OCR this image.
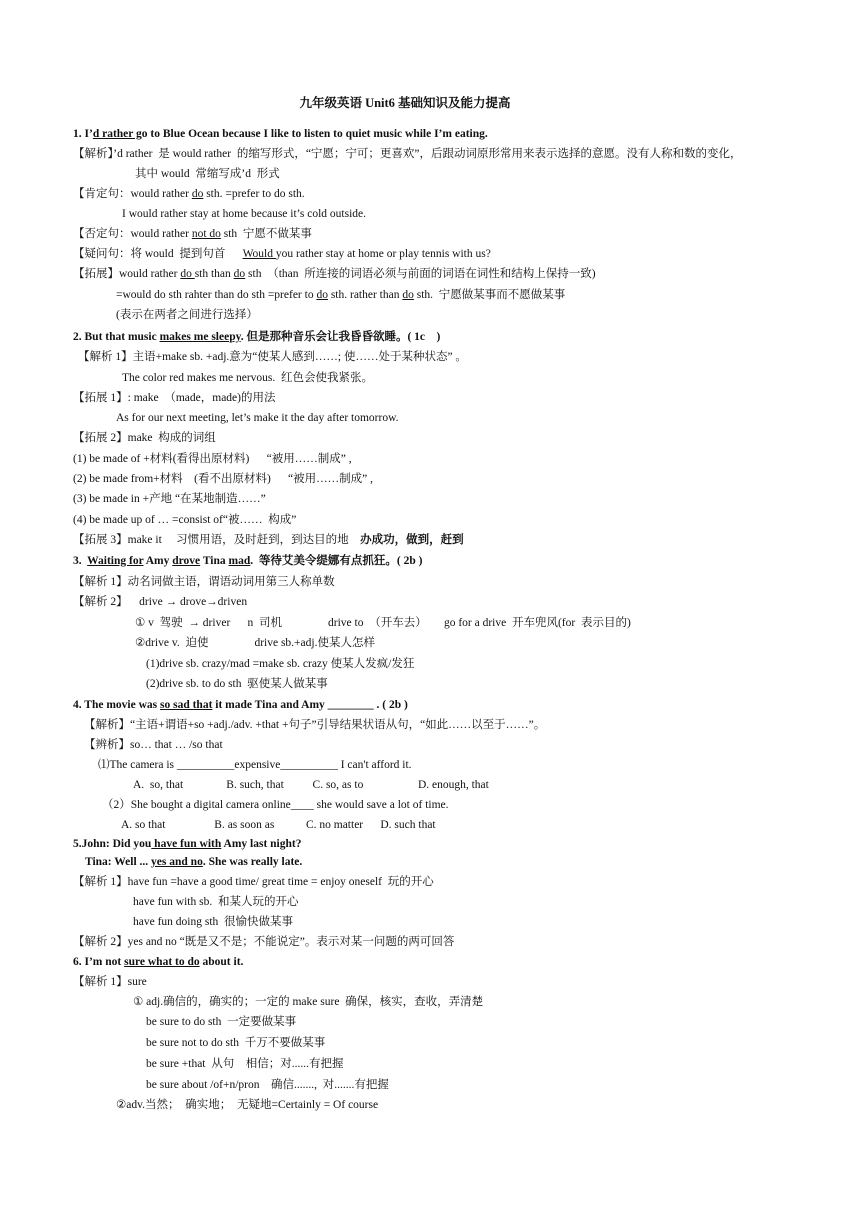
九年级英语 Unit6 基础知识及能力提高
1. I’d rather go to Blue Ocean because I like to listen to quiet music while I’m eating.
【解析】’d rather  是 would rather  的缩写形式，“宁愿；宁可；更喜欢”，后跟动词原形常用来表示选择的意愿。没有人称和数的变化，
其中 would  常缩写成’d  形式
【肯定句：would rather do sth. =prefer to do sth.
I would rather stay at home because it’s cold outside.
【否定句：would rather not do sth  宁愿不做某事
【疑问句：将 would  提到句首      Would you rather stay at home or play tennis with us?
【拓展】would rather do sth than do sth  （than  所连接的词语必须与前面的词语在词性和结构上保持一致)
=would do sth rahter than do sth =prefer to do sth. rather than do sth.  宁愿做某事而不愿做某事
(表示在两者之间进行选择）
2. But that music makes me sleepy. 但是那种音乐会让我昏昏欲睡。( 1c    )
【解析 1】主语+make sb. +adj.意为“使某人感到……; 使……处于某种状态” 。
The color red makes me nervous.  红色会使我紧张。
【拓展 1】: make  （made，made)的用法
As for our next meeting, let’s make it the day after tomorrow.
【拓展 2】make  构成的词组
(1) be made of +材料(看得出原材料)      “被用……制成” ,
(2) be made from+材料    (看不出原材料)      “被用……制成” ,
(3) be made in +产地 “在某地制造……”
(4) be made up of … =consist of“被……  构成”
【拓展 3】make it     习惯用语，及时赶到，到达目的地    办成功，做到，赶到
3.  Waiting for Amy drove Tina mad.  等待艾美令缇娜有点抓狂。( 2b )
【解析 1】动名词做主语，谓语动词用第三人称单数
【解析 2】    drive → drove→driven
① v  驾驶  → driver      n  司机                drive to  （开车去）      go for a drive  开车兜风(for  表示目的)
②drive v.  迫使                drive sb.+adj.使某人怎样
(1)drive sb. crazy/mad =make sb. crazy 使某人发疯/发狂
(2)drive sb. to do sth  驱使某人做某事
4. The movie was so sad that it made Tina and Amy ________ . ( 2b )
【解析】“主语+谓语+so +adj./adv. +that +句子”引导结果状语从句，“如此……以至于……”。
【辨析】so… that … /so that
⑴The camera is __________expensive__________ I can't afford it.
A.  so, that               B. such, that          C. so, as to                   D. enough, that
（2）She bought a digital camera online____ she would save a lot of time.
A. so that                 B. as soon as           C. no matter      D. such that
5.John: Did you have fun with Amy last night?
Tina: Well ... yes and no. She was really late.
【解析 1】have fun =have a good time/ great time = enjoy oneself  玩的开心
have fun with sb.  和某人玩的开心
have fun doing sth  很愉快做某事
【解析 2】yes and no “既是又不是；不能说定”。表示对某一问题的两可回答
6. I’m not sure what to do about it.
【解析 1】sure
① adj.确信的，确实的；一定的 make sure  确保，核实，查收，弄清楚
be sure to do sth  一定要做某事
be sure not to do sth  千万不要做某事
be sure +that  从句    相信；对......有把握
be sure about /of+n/pron    确信.......,  对.......有把握
②adv.当然；  确实地；  无疑地=Certainly = Of course
